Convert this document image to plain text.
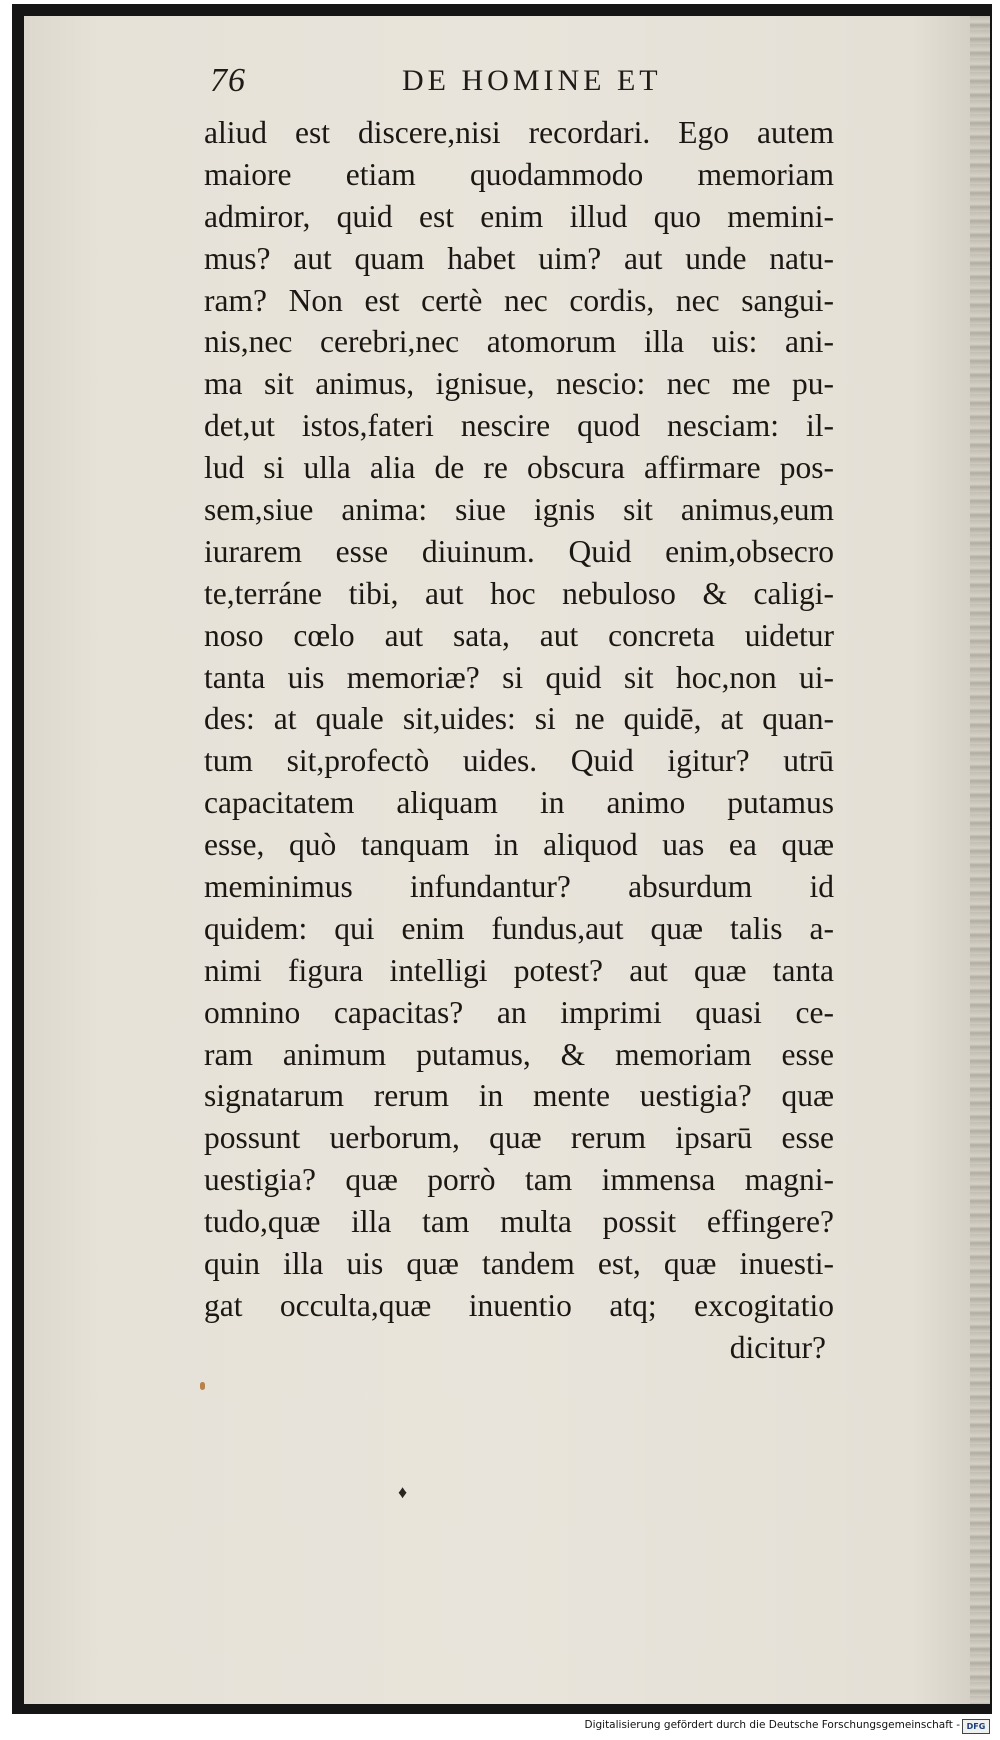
76	DE HOMINE ET
aliud est discere,nisi recordari. Ego autem
maiore etiam quodammodo memoriam
admiror, quid est enim illud quo memini-
mus? aut quam habet uim? aut unde natu-
ram? Non est certè nec cordis, nec sangui-
nis,nec cerebri,nec atomorum illa uis: ani-
ma sit animus, ignisue, nescio: nec me pu-
det,ut istos,fateri nescire quod nesciam: il-
lud si ulla alia de re obscura affirmare pos-
sem,siue anima: siue ignis sit animus,eum
iurarem esse diuinum. Quid enim,obsecro
te,terráne tibi, aut hoc nebuloso & caligi-
noso cœlo aut sata, aut concreta uidetur
tanta uis memoriæ? si quid sit hoc,non ui-
des: at quale sit,uides: si ne quidē, at quan-
tum sit,profectò uides. Quid igitur? utrū
capacitatem aliquam in animo putamus
esse, quò tanquam in aliquod uas ea quæ
meminimus infundantur? absurdum id
quidem: qui enim fundus,aut quæ talis a-
nimi figura intelligi potest? aut quæ tanta
omnino capacitas? an imprimi quasi ce-
ram animum putamus, & memoriam esse
signatarum rerum in mente uestigia? quæ
possunt uerborum, quæ rerum ipsarū esse
uestigia? quæ porrò tam immensa magni-
tudo,quæ illa tam multa possit effingere?
quin illa uis quæ tandem est, quæ inuesti-
gat occulta,quæ inuentio atq; excogitatio
dicitur?
♦
Digitalisierung gefördert durch die Deutsche Forschungsgemeinschaft - DFG
